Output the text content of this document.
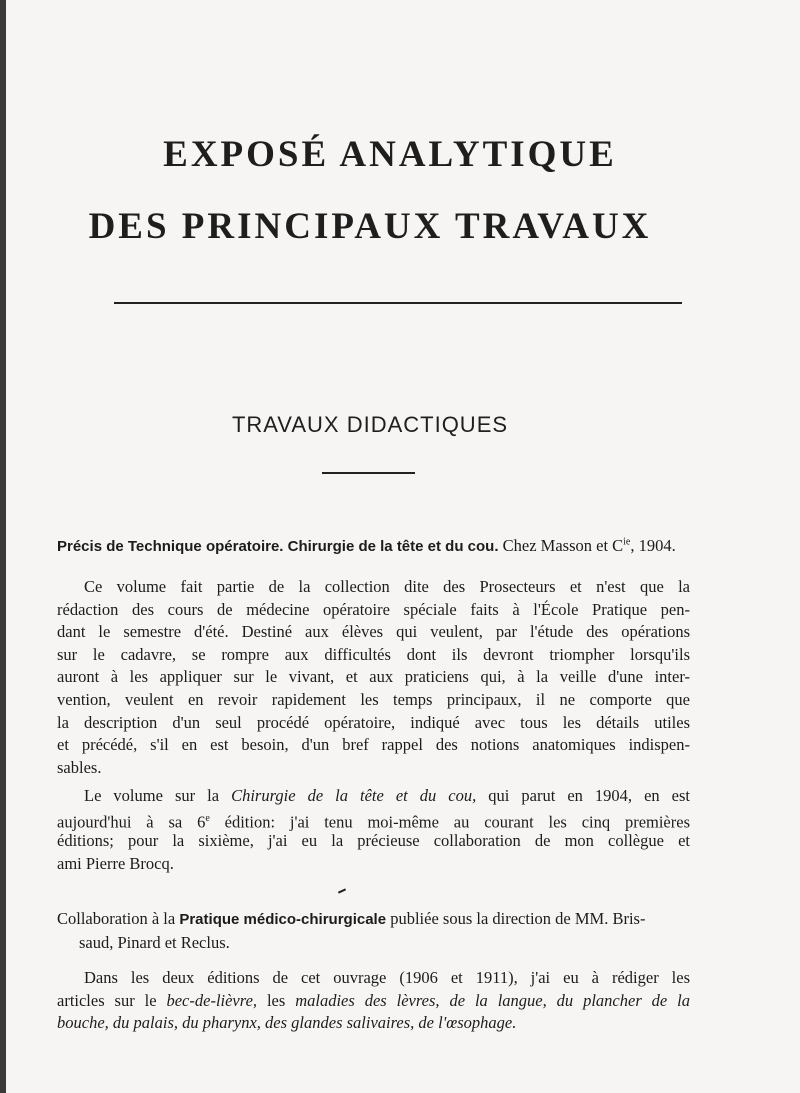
EXPOSÉ ANALYTIQUE
DES PRINCIPAUX TRAVAUX
TRAVAUX DIDACTIQUES
Précis de Technique opératoire. Chirurgie de la tête et du cou. Chez Masson et $C^{ie}$, 1904.
Ce volume fait partie de la collection dite des Prosecteurs et n'est que la
rédaction des cours de médecine opératoire spéciale faits à l'École Pratique pen-
dant le semestre d'été. Destiné aux élèves qui veulent, par l'étude des opérations
sur le cadavre, se rompre aux difficultés dont ils devront triompher lorsqu'ils
auront à les appliquer sur le vivant, et aux praticiens qui, à la veille d'une inter-
vention, veulent en revoir rapidement les temps principaux, il ne comporte que
la description d'un seul procédé opératoire, indiqué avec tous les détails utiles
et précédé, s'il en est besoin, d'un bref rappel des notions anatomiques indispen-
sables.
Le volume sur la Chirurgie de la tête et du cou, qui parut en 1904, en est
aujourd'hui à sa 6e édition: j'ai tenu moi-même au courant les cinq premières
éditions; pour la sixième, j'ai eu la précieuse collaboration de mon collègue et
ami Pierre Brocq.
Collaboration à la Pratique médico-chirurgicale publiée sous la direction de MM. Bris-
saud, Pinard et Reclus.
Dans les deux éditions de cet ouvrage (1906 et 1911), j'ai eu à rédiger les
articles sur le bec-de-lièvre, les maladies des lèvres, de la langue, du plancher de la
bouche, du palais, du pharynx, des glandes salivaires, de l'œsophage.
